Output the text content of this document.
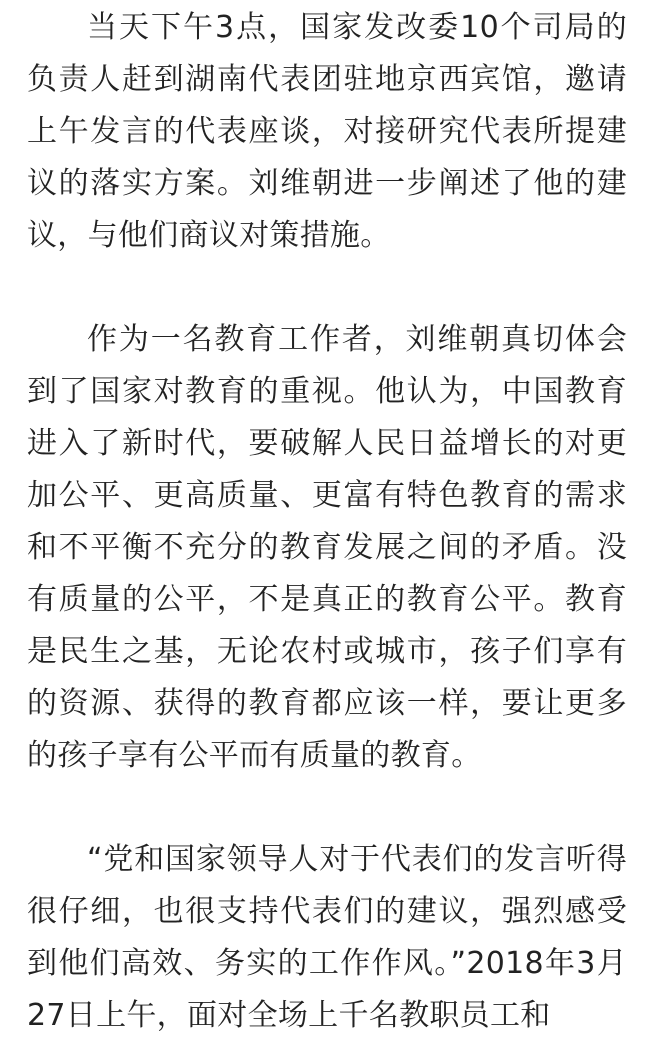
当天下午3点，国家发改委10个司局的负责人赶到湖南代表团驻地京西宾馆，邀请上午发言的代表座谈，对接研究代表所提建议的落实方案。刘维朝进一步阐述了他的建议，与他们商议对策措施。

作为一名教育工作者，刘维朝真切体会到了国家对教育的重视。他认为，中国教育进入了新时代，要破解人民日益增长的对更加公平、更高质量、更富有特色教育的需求和不平衡不充分的教育发展之间的矛盾。没有质量的公平，不是真正的教育公平。教育是民生之基，无论农村或城市，孩子们享有的资源、获得的教育都应该一样，要让更多的孩子享有公平而有质量的教育。

“党和国家领导人对于代表们的发言听得很仔细，也很支持代表们的建议，强烈感受到他们高效、务实的工作作风。”2018年3月27日上午，面对全场上千名教职员工和
